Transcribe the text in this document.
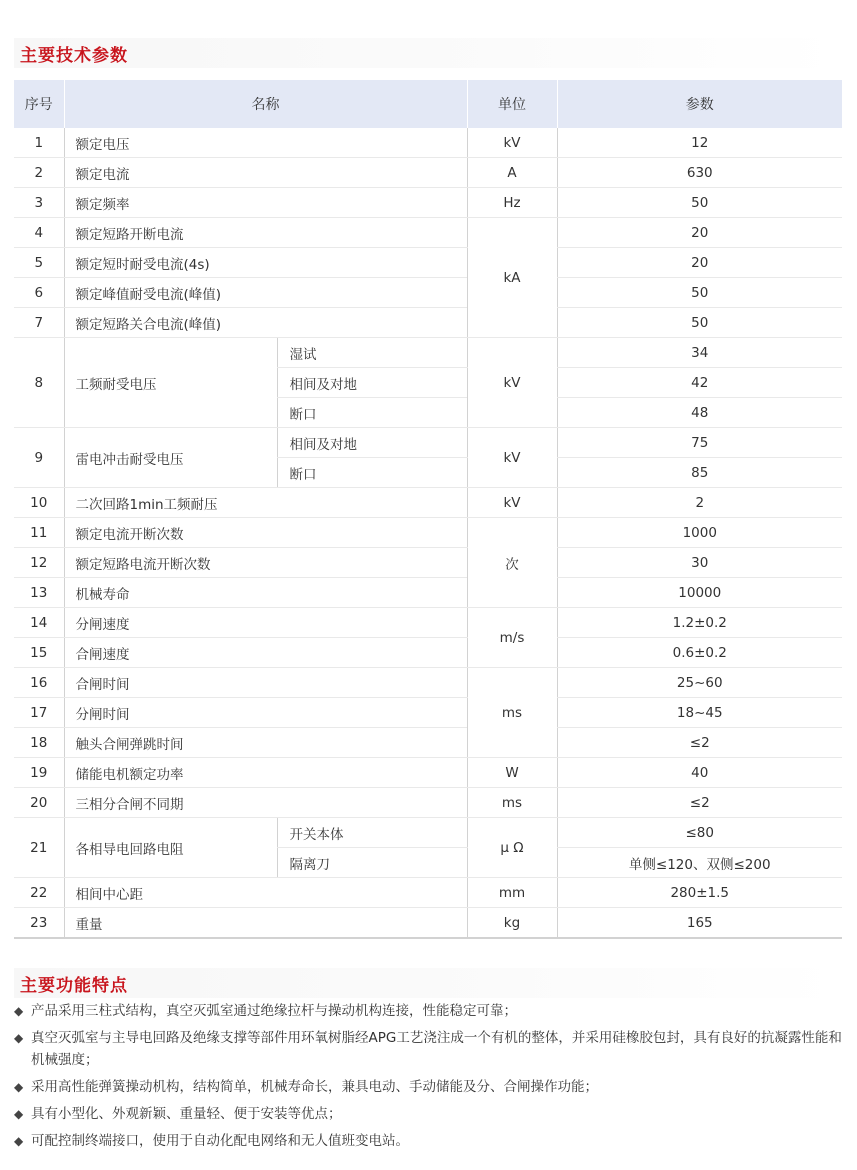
主要技术参数
序号	名称		单位	参数
1	额定电压		kV	12
2	额定电流		A	630
3	额定频率		Hz	50
4	额定短路开断电流		kA	20
5	额定短时耐受电流(4s)			20
6	额定峰值耐受电流(峰值)			50
7	额定短路关合电流(峰值)			50
8	工频耐受电压	湿试	kV	34
		相间及对地		42
		断口		48
9	雷电冲击耐受电压	相间及对地	kV	75
		断口		85
10	二次回路1min工频耐压		kV	2
11	额定电流开断次数		次	1000
12	额定短路电流开断次数			30
13	机械寿命			10000
14	分闸速度		m/s	1.2±0.2
15	合闸速度			0.6±0.2
16	合闸时间		ms	25~60
17	分闸时间			18~45
18	触头合闸弹跳时间			≤2
19	储能电机额定功率		W	40
20	三相分合闸不同期		ms	≤2
21	各相导电回路电阻	开关本体	μ Ω	≤80
		隔离刀		单侧≤120、双侧≤200
22	相间中心距		mm	280±1.5
23	重量		kg	165
主要功能特点
◆ 产品采用三柱式结构，真空灭弧室通过绝缘拉杆与操动机构连接，性能稳定可靠；
◆ 真空灭弧室与主导电回路及绝缘支撑等部件用环氧树脂经APG工艺浇注成一个有机的整体，并采用硅橡胶包封，具有良好的抗凝露性能和机械强度；
◆ 采用高性能弹簧操动机构，结构简单，机械寿命长，兼具电动、手动储能及分、合闸操作功能；
◆ 具有小型化、外观新颖、重量轻、便于安装等优点；
◆ 可配控制终端接口，使用于自动化配电网络和无人值班变电站。
